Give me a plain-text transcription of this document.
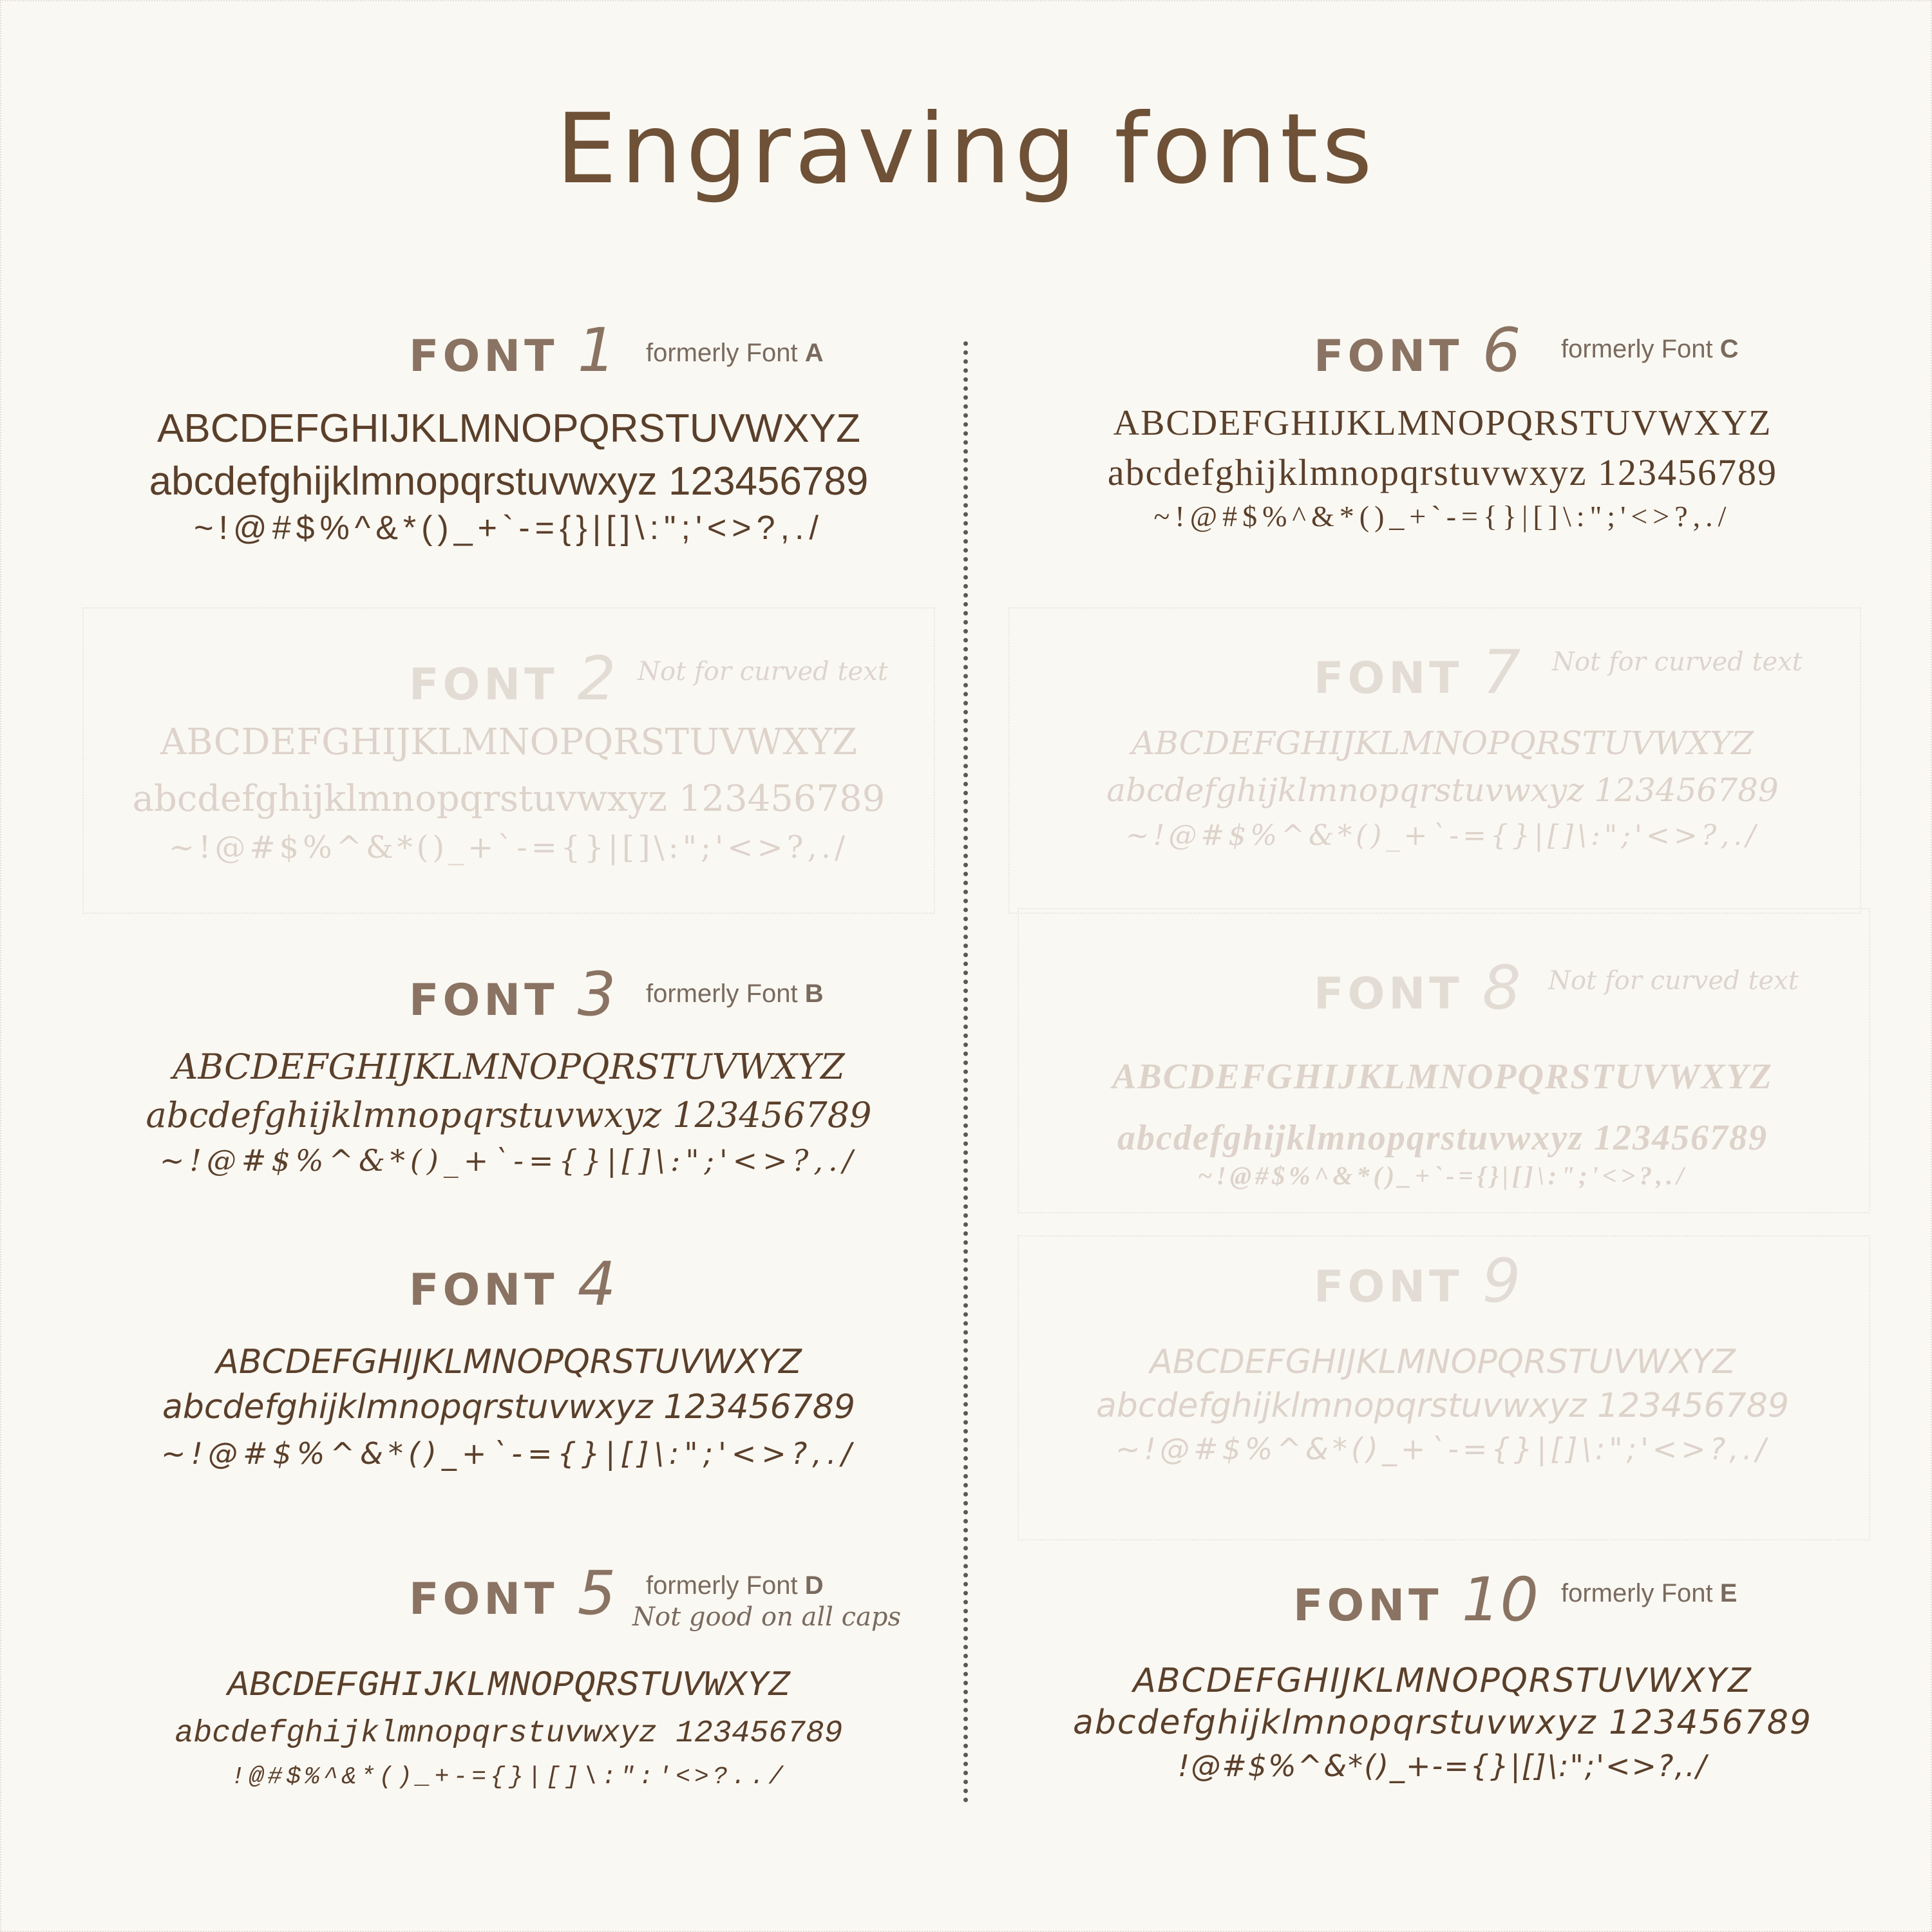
Engraving fonts
FONT 1 formerly Font A
ABCDEFGHIJKLMNOPQRSTUVWXYZ
abcdefghijklmnopqrstuvwxyz 123456789
~!@#$%^&*()_+`-={}|[]\:";'<>?,./
FONT 2 Not for curved text
ABCDEFGHIJKLMNOPQRSTUVWXYZ
abcdefghijklmnopqrstuvwxyz 123456789
~!@#$%^&*()_+`-={}|[]\:";'<>?,./
FONT 3 formerly Font B
ABCDEFGHIJKLMNOPQRSTUVWXYZ
abcdefghijklmnopqrstuvwxyz 123456789
~!@#$%^&*()_+`-={}|[]\:";'<>?,./
FONT 4
ABCDEFGHIJKLMNOPQRSTUVWXYZ
abcdefghijklmnopqrstuvwxyz 123456789
~!@#$%^&*()_+`-={}|[]\:";'<>?,./
FONT 5 formerly Font D
Not good on all caps
ABCDEFGHIJKLMNOPQRSTUVWXYZ
abcdefghijklmnopqrstuvwxyz 123456789
!@#$%^&*()_+-={}|[]\:":'<>?../
FONT 6 formerly Font C
ABCDEFGHIJKLMNOPQRSTUVWXYZ
abcdefghijklmnopqrstuvwxyz 123456789
~!@#$%^&*()_+`-={}|[]\:";'<>?,./
FONT 7 Not for curved text
ABCDEFGHIJKLMNOPQRSTUVWXYZ
abcdefghijklmnopqrstuvwxyz 123456789
~!@#$%^&*()_+`-={}|[]\:";'<>?,./
FONT 8 Not for curved text
ABCDEFGHIJKLMNOPQRSTUVWXYZ
abcdefghijklmnopqrstuvwxyz 123456789
~!@#$%^&*()_+`-={}|[]\:";'<>?,./
FONT 9
ABCDEFGHIJKLMNOPQRSTUVWXYZ
abcdefghijklmnopqrstuvwxyz 123456789
~!@#$%^&*()_+`-={}|[]\:";'<>?,./
FONT 10 formerly Font E
ABCDEFGHIJKLMNOPQRSTUVWXYZ
abcdefghijklmnopqrstuvwxyz 123456789
!@#$%^&*()_+-={}|[]\:";'<>?,./
